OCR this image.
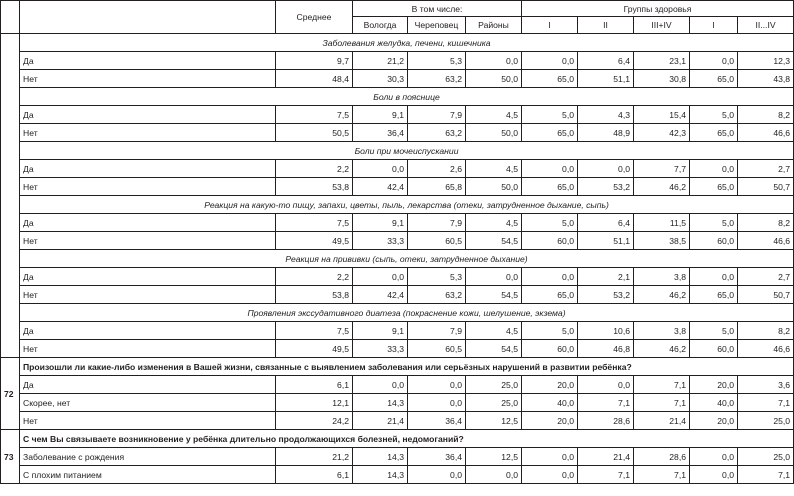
		Среднее	В том числе:			Группы здоровья				
			Вологда	Череповец	Районы	I	II	III+IV	I	II...IV
	Заболевания желудка, печени, кишечника									
	Да	9,7	21,2	5,3	0,0	0,0	6,4	23,1	0,0	12,3
	Нет	48,4	30,3	63,2	50,0	65,0	51,1	30,8	65,0	43,8
	Боли в пояснице									
	Да	7,5	9,1	7,9	4,5	5,0	4,3	15,4	5,0	8,2
	Нет	50,5	36,4	63,2	50,0	65,0	48,9	42,3	65,0	46,6
	Боли при мочеиспускании									
	Да	2,2	0,0	2,6	4,5	0,0	0,0	7,7	0,0	2,7
	Нет	53,8	42,4	65,8	50,0	65,0	53,2	46,2	65,0	50,7
	Реакция на какую-то пищу, запахи, цветы, пыль, лекарства (отеки, затрудненное дыхание, сыпь)									
	Да	7,5	9,1	7,9	4,5	5,0	6,4	11,5	5,0	8,2
	Нет	49,5	33,3	60,5	54,5	60,0	51,1	38,5	60,0	46,6
	Реакция на прививки (сыпь, отеки, затрудненное дыхание)									
	Да	2,2	0,0	5,3	0,0	0,0	2,1	3,8	0,0	2,7
	Нет	53,8	42,4	63,2	54,5	65,0	53,2	46,2	65,0	50,7
	Проявления экссудативного диатеза (покраснение кожи, шелушение, экзема)									
	Да	7,5	9,1	7,9	4,5	5,0	10,6	3,8	5,0	8,2
	Нет	49,5	33,3	60,5	54,5	60,0	46,8	46,2	60,0	46,6
72	Произошли ли какие-либо изменения в Вашей жизни, связанные с выявлением заболевания или серьёзных нарушений в развитии ребёнка?									
	Да	6,1	0,0	0,0	25,0	20,0	0,0	7,1	20,0	3,6
	Скорее, нет	12,1	14,3	0,0	25,0	40,0	7,1	7,1	40,0	7,1
	Нет	24,2	21,4	36,4	12,5	20,0	28,6	21,4	20,0	25,0
73	С чем Вы связываете возникновение у ребёнка длительно продолжающихся болезней, недомоганий?									
	Заболевание с рождения	21,2	14,3	36,4	12,5	0,0	21,4	28,6	0,0	25,0
	С плохим питанием	6,1	14,3	0,0	0,0	0,0	7,1	7,1	0,0	7,1
